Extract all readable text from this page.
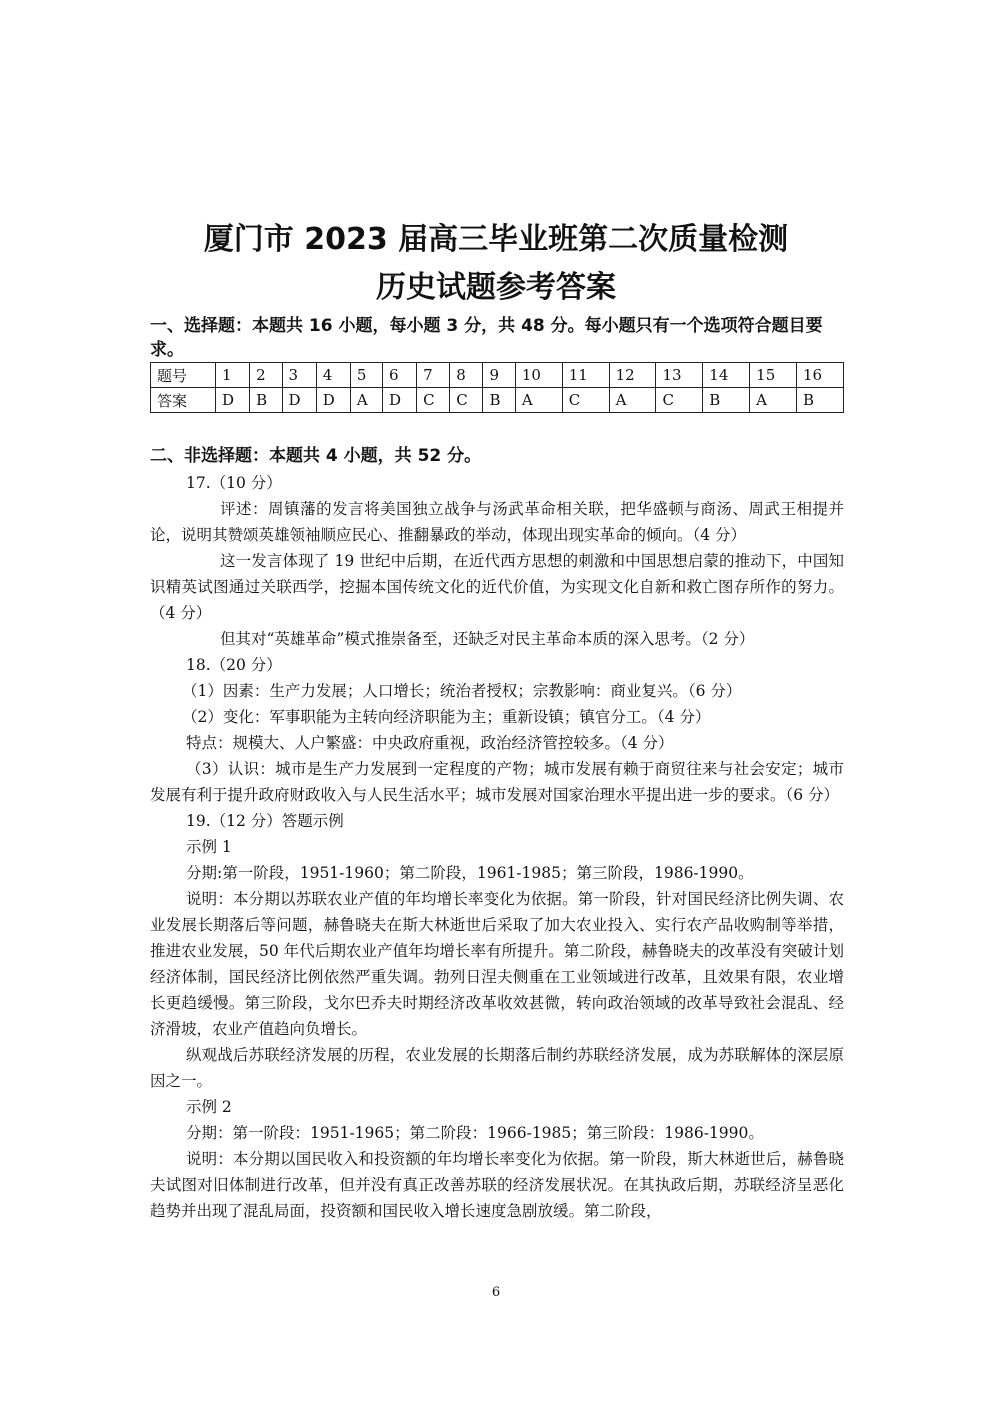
厦门市 2023 届高三毕业班第二次质量检测
历史试题参考答案
一、选择题：本题共 16 小题，每小题 3 分，共 48 分。每小题只有一个选项符合题目要求。
题号	1	2	3	4	5	6	7	8	9	10	11	12	13	14	15	16
答案	D	B	D	D	A	D	C	C	B	A	C	A	C	B	A	B
二、非选择题：本题共 4 小题，共 52 分。

17.（10 分）

评述：周镇藩的发言将美国独立战争与汤武革命相关联，把华盛顿与商汤、周武王相提并论，说明其赞颂英雄领袖顺应民心、推翻暴政的举动，体现出现实革命的倾向。（4 分）

这一发言体现了 19 世纪中后期，在近代西方思想的刺激和中国思想启蒙的推动下，中国知识精英试图通过关联西学，挖掘本国传统文化的近代价值，为实现文化自新和救亡图存所作的努力。（4 分）

但其对“英雄革命”模式推崇备至，还缺乏对民主革命本质的深入思考。（2 分）

18.（20 分）

（1）因素：生产力发展；人口增长；统治者授权；宗教影响：商业复兴。（6 分）

（2）变化：军事职能为主转向经济职能为主；重新设镇；镇官分工。（4 分）

特点：规模大、人户繁盛：中央政府重视，政治经济管控较多。（4 分）

（3）认识：城市是生产力发展到一定程度的产物；城市发展有赖于商贸往来与社会安定；城市发展有利于提升政府财政收入与人民生活水平；城市发展对国家治理水平提出进一步的要求。（6 分）

19.（12 分）答题示例

示例 1

分期:第一阶段，1951-1960；第二阶段，1961-1985；第三阶段，1986-1990。

说明：本分期以苏联农业产值的年均增长率变化为依据。第一阶段，针对国民经济比例失调、农业发展长期落后等问题，赫鲁晓夫在斯大林逝世后采取了加大农业投入、实行农产品收购制等举措，推进农业发展，50 年代后期农业产值年均增长率有所提升。第二阶段，赫鲁晓夫的改革没有突破计划经济体制，国民经济比例依然严重失调。勃列日涅夫侧重在工业领域进行改革，且效果有限，农业增长更趋缓慢。第三阶段，戈尔巴乔夫时期经济改革收效甚微，转向政治领域的改革导致社会混乱、经济滑坡，农业产值趋向负增长。

纵观战后苏联经济发展的历程，农业发展的长期落后制约苏联经济发展，成为苏联解体的深层原因之一。

示例 2

分期：第一阶段：1951-1965；第二阶段：1966-1985；第三阶段：1986-1990。

说明：本分期以国民收入和投资额的年均增长率变化为依据。第一阶段，斯大林逝世后，赫鲁晓夫试图对旧体制进行改革，但并没有真正改善苏联的经济发展状况。在其执政后期，苏联经济呈恶化趋势并出现了混乱局面，投资额和国民收入增长速度急剧放缓。第二阶段，

6
